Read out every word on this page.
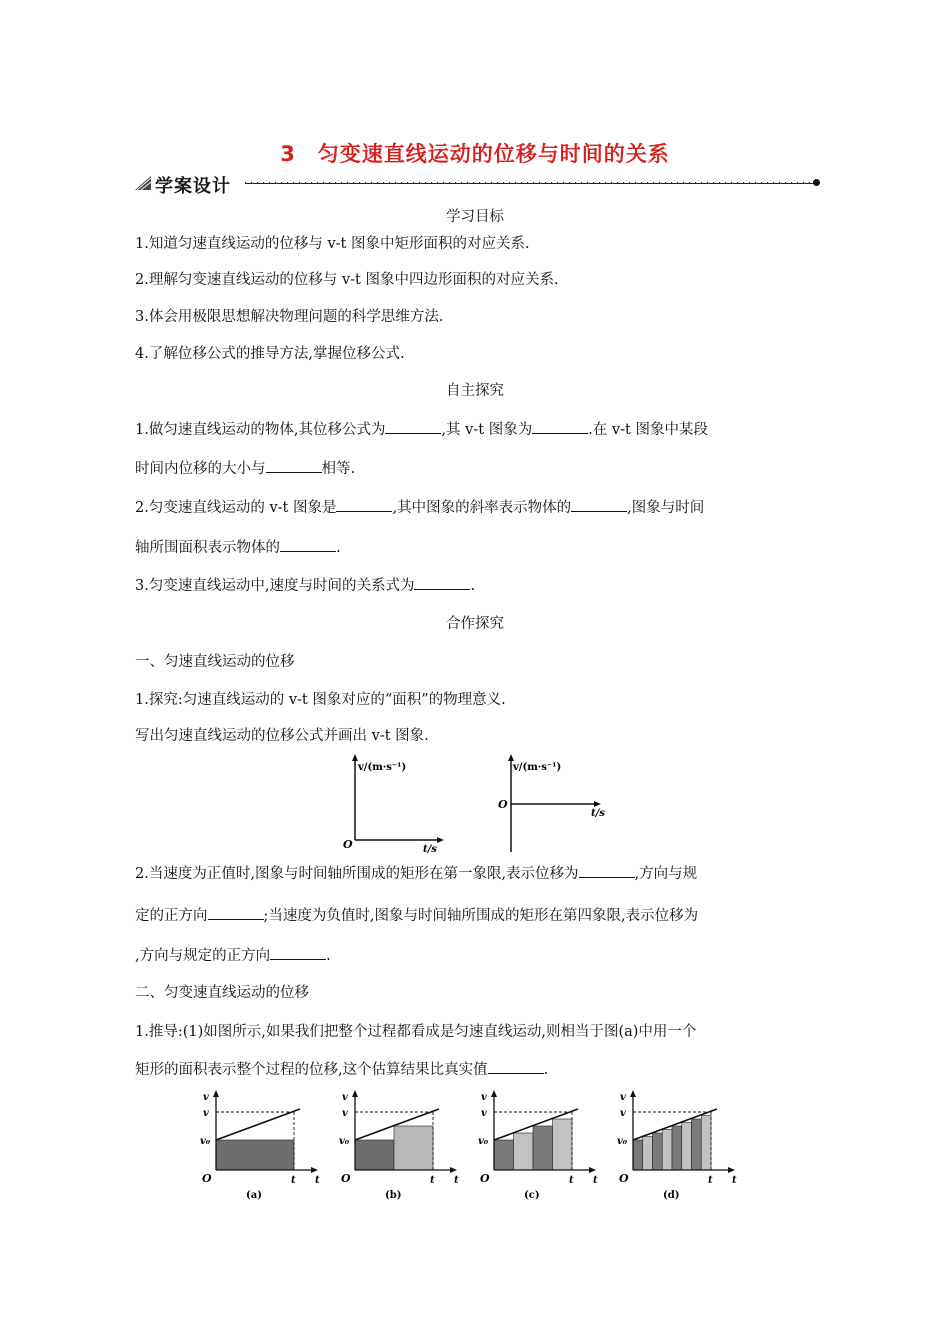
3　匀变速直线运动的位移与时间的关系
学案设计
学习目标
1.知道匀速直线运动的位移与 v-t 图象中矩形面积的对应关系.
2.理解匀变速直线运动的位移与 v-t 图象中四边形面积的对应关系.
3.体会用极限思想解决物理问题的科学思维方法.
4.了解位移公式的推导方法,掌握位移公式.
自主探究
1.做匀速直线运动的物体,其位移公式为	,其 v-t 图象为	.在 v-t 图象中某段
时间内位移的大小与	相等.
2.匀变速直线运动的 v-t 图象是	,其中图象的斜率表示物体的	,图象与时间
轴所围面积表示物体的	.
3.匀变速直线运动中,速度与时间的关系式为	.
合作探究
一、匀速直线运动的位移
1.探究:匀速直线运动的 v-t 图象对应的“面积”的物理意义.
写出匀速直线运动的位移公式并画出 v-t 图象.
v/(m·s⁻¹)
t/s
O
v/(m·s⁻¹)
t/s
O
2.当速度为正值时,图象与时间轴所围成的矩形在第一象限,表示位移为	,方向与规
定的正方向	;当速度为负值时,图象与时间轴所围成的矩形在第四象限,表示位移为
,方向与规定的正方向	.
二、匀变速直线运动的位移
1.推导:(1)如图所示,如果我们把整个过程都看成是匀速直线运动,则相当于图(a)中用一个
矩形的面积表示整个过程的位移,这个估算结果比真实值	.
v
v
v₀
O	t t
(a)
v
v
v₀
O	t t
(b)
v
v
v₀
O	t t
(c)
v
v
v₀
O	t t
(d)
